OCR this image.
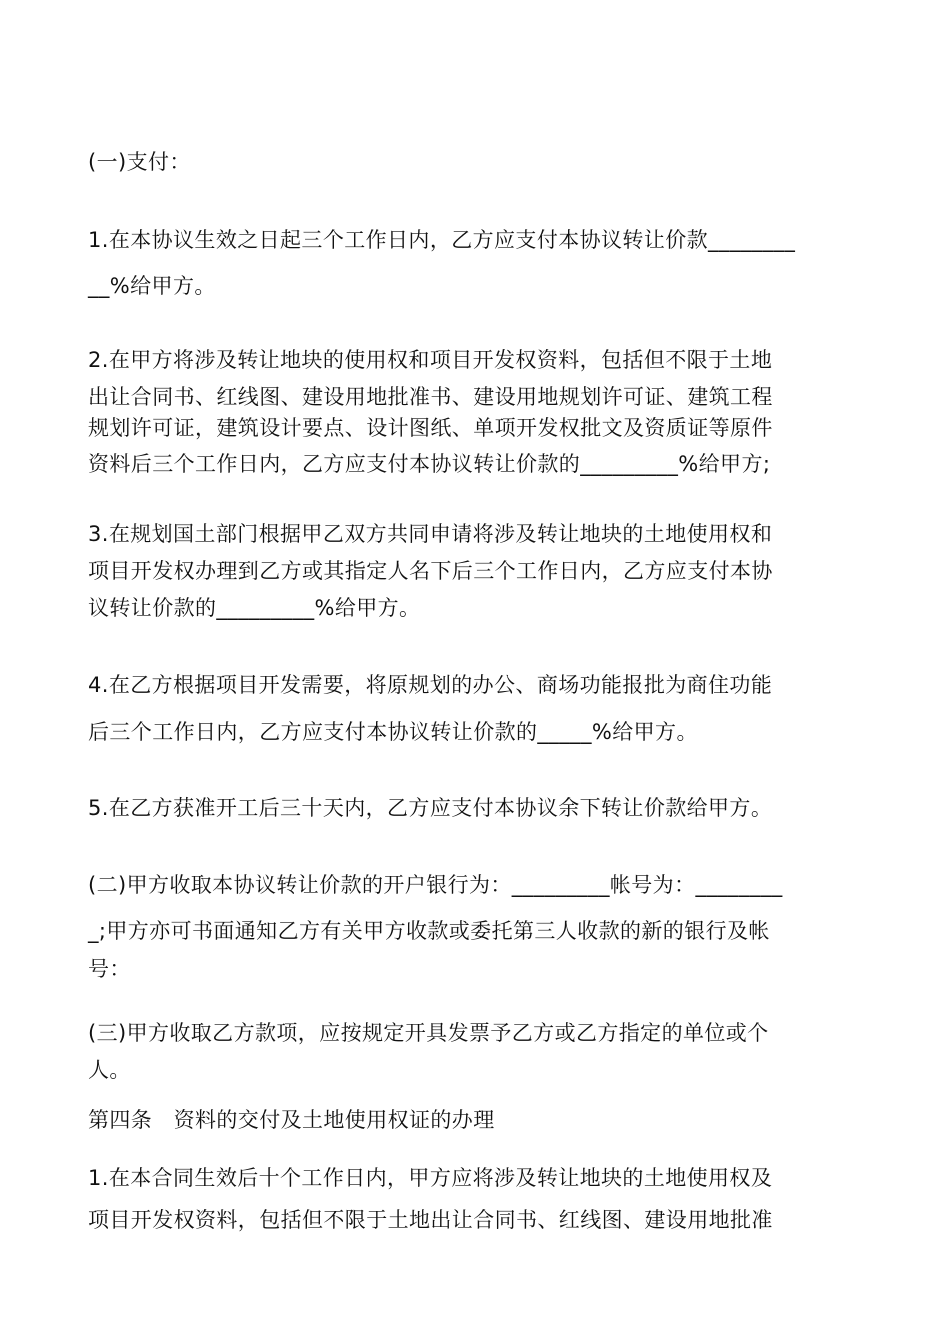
(一)支付：
1.在本协议生效之日起三个工作日内，乙方应支付本协议转让价款________
__%给甲方。
2.在甲方将涉及转让地块的使用权和项目开发权资料，包括但不限于土地
出让合同书、红线图、建设用地批准书、建设用地规划许可证、建筑工程
规划许可证，建筑设计要点、设计图纸、单项开发权批文及资质证等原件
资料后三个工作日内，乙方应支付本协议转让价款的_________%给甲方;
3.在规划国土部门根据甲乙双方共同申请将涉及转让地块的土地使用权和
项目开发权办理到乙方或其指定人名下后三个工作日内，乙方应支付本协
议转让价款的_________%给甲方。
4.在乙方根据项目开发需要，将原规划的办公、商场功能报批为商住功能
后三个工作日内，乙方应支付本协议转让价款的_____%给甲方。
5.在乙方获准开工后三十天内，乙方应支付本协议余下转让价款给甲方。
(二)甲方收取本协议转让价款的开户银行为：_________帐号为：________
_;甲方亦可书面通知乙方有关甲方收款或委托第三人收款的新的银行及帐
号：
(三)甲方收取乙方款项，应按规定开具发票予乙方或乙方指定的单位或个
人。
第四条　资料的交付及土地使用权证的办理
1.在本合同生效后十个工作日内，甲方应将涉及转让地块的土地使用权及
项目开发权资料，包括但不限于土地出让合同书、红线图、建设用地批准
